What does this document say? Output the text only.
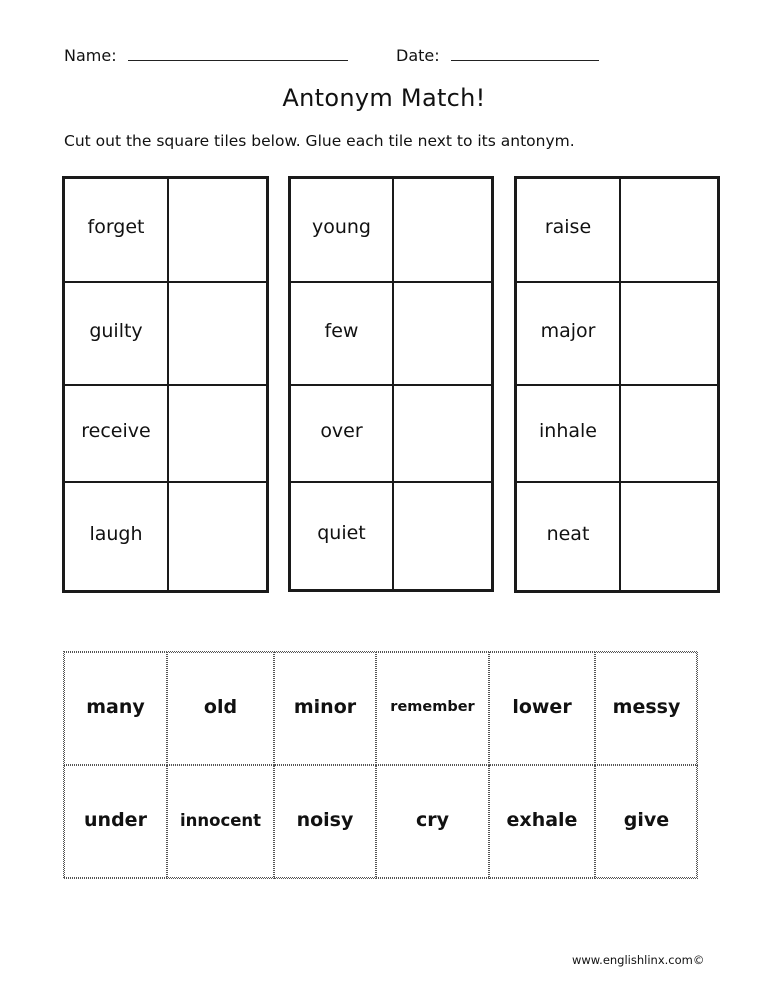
Name:	Date:
Antonym Match!
Cut out the square tiles below. Glue each tile next to its antonym.
forget
guilty
receive
laugh
young
few
over
quiet
raise
major
inhale
neat
many	old	minor	remember	lower	messy
under	innocent	noisy	cry	exhale	give
www.englishlinx.com©
